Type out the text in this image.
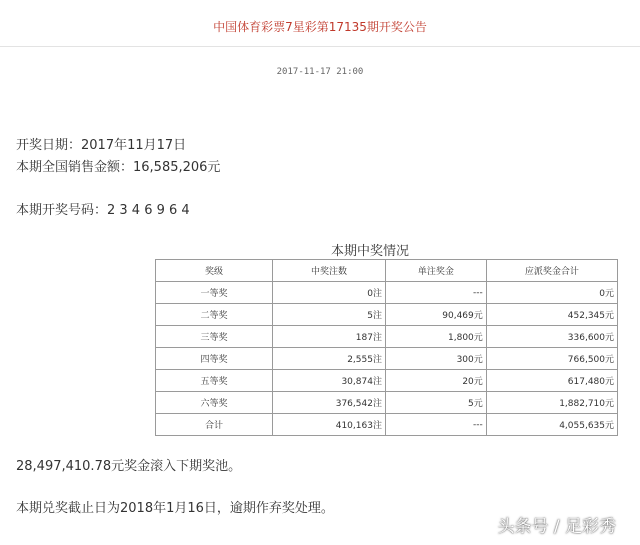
中国体育彩票7星彩第17135期开奖公告
2017-11-17 21:00
开奖日期：2017年11月17日
本期全国销售金额：16,585,206元
本期开奖号码：2 3 4 6 9 6 4
本期中奖情况
奖级	中奖注数	单注奖金	应派奖金合计
一等奖	0注	---	0元
二等奖	5注	90,469元	452,345元
三等奖	187注	1,800元	336,600元
四等奖	2,555注	300元	766,500元
五等奖	30,874注	20元	617,480元
六等奖	376,542注	5元	1,882,710元
合计	410,163注	---	4,055,635元
28,497,410.78元奖金滚入下期奖池。
本期兑奖截止日为2018年1月16日，逾期作弃奖处理。
头条号 / 足彩秀
